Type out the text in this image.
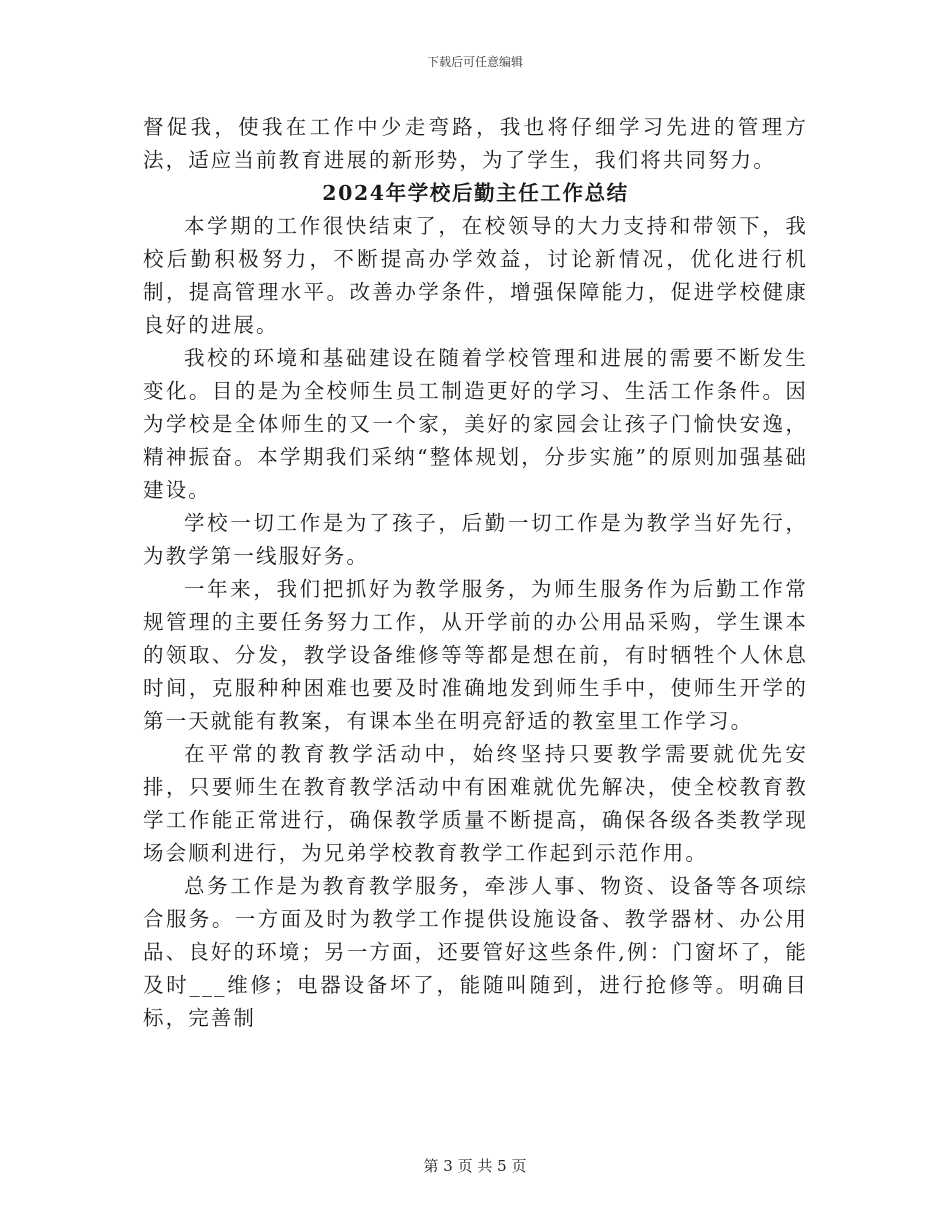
下载后可任意编辑

督促我，使我在工作中少走弯路，我也将仔细学习先进的管理方法，适应当前教育进展的新形势，为了学生，我们将共同努力。

2024年学校后勤主任工作总结

本学期的工作很快结束了，在校领导的大力支持和带领下，我校后勤积极努力，不断提高办学效益，讨论新情况，优化进行机制，提高管理水平。改善办学条件，增强保障能力，促进学校健康良好的进展。

我校的环境和基础建设在随着学校管理和进展的需要不断发生变化。目的是为全校师生员工制造更好的学习、生活工作条件。因为学校是全体师生的又一个家，美好的家园会让孩子门愉快安逸，精神振奋。本学期我们采纳“整体规划，分步实施”的原则加强基础建设。

学校一切工作是为了孩子，后勤一切工作是为教学当好先行，为教学第一线服好务。

一年来，我们把抓好为教学服务，为师生服务作为后勤工作常规管理的主要任务努力工作，从开学前的办公用品采购，学生课本的领取、分发，教学设备维修等等都是想在前，有时牺牲个人休息时间，克服种种困难也要及时准确地发到师生手中，使师生开学的第一天就能有教案，有课本坐在明亮舒适的教室里工作学习。

在平常的教育教学活动中，始终坚持只要教学需要就优先安排，只要师生在教育教学活动中有困难就优先解决，使全校教育教学工作能正常进行，确保教学质量不断提高，确保各级各类教学现场会顺利进行，为兄弟学校教育教学工作起到示范作用。

总务工作是为教育教学服务，牵涉人事、物资、设备等各项综合服务。一方面及时为教学工作提供设施设备、教学器材、办公用品、良好的环境；另一方面，还要管好这些条件,例：门窗坏了，能及时___维修；电器设备坏了，能随叫随到，进行抢修等。明确目标，完善制

第 3 页 共 5 页
